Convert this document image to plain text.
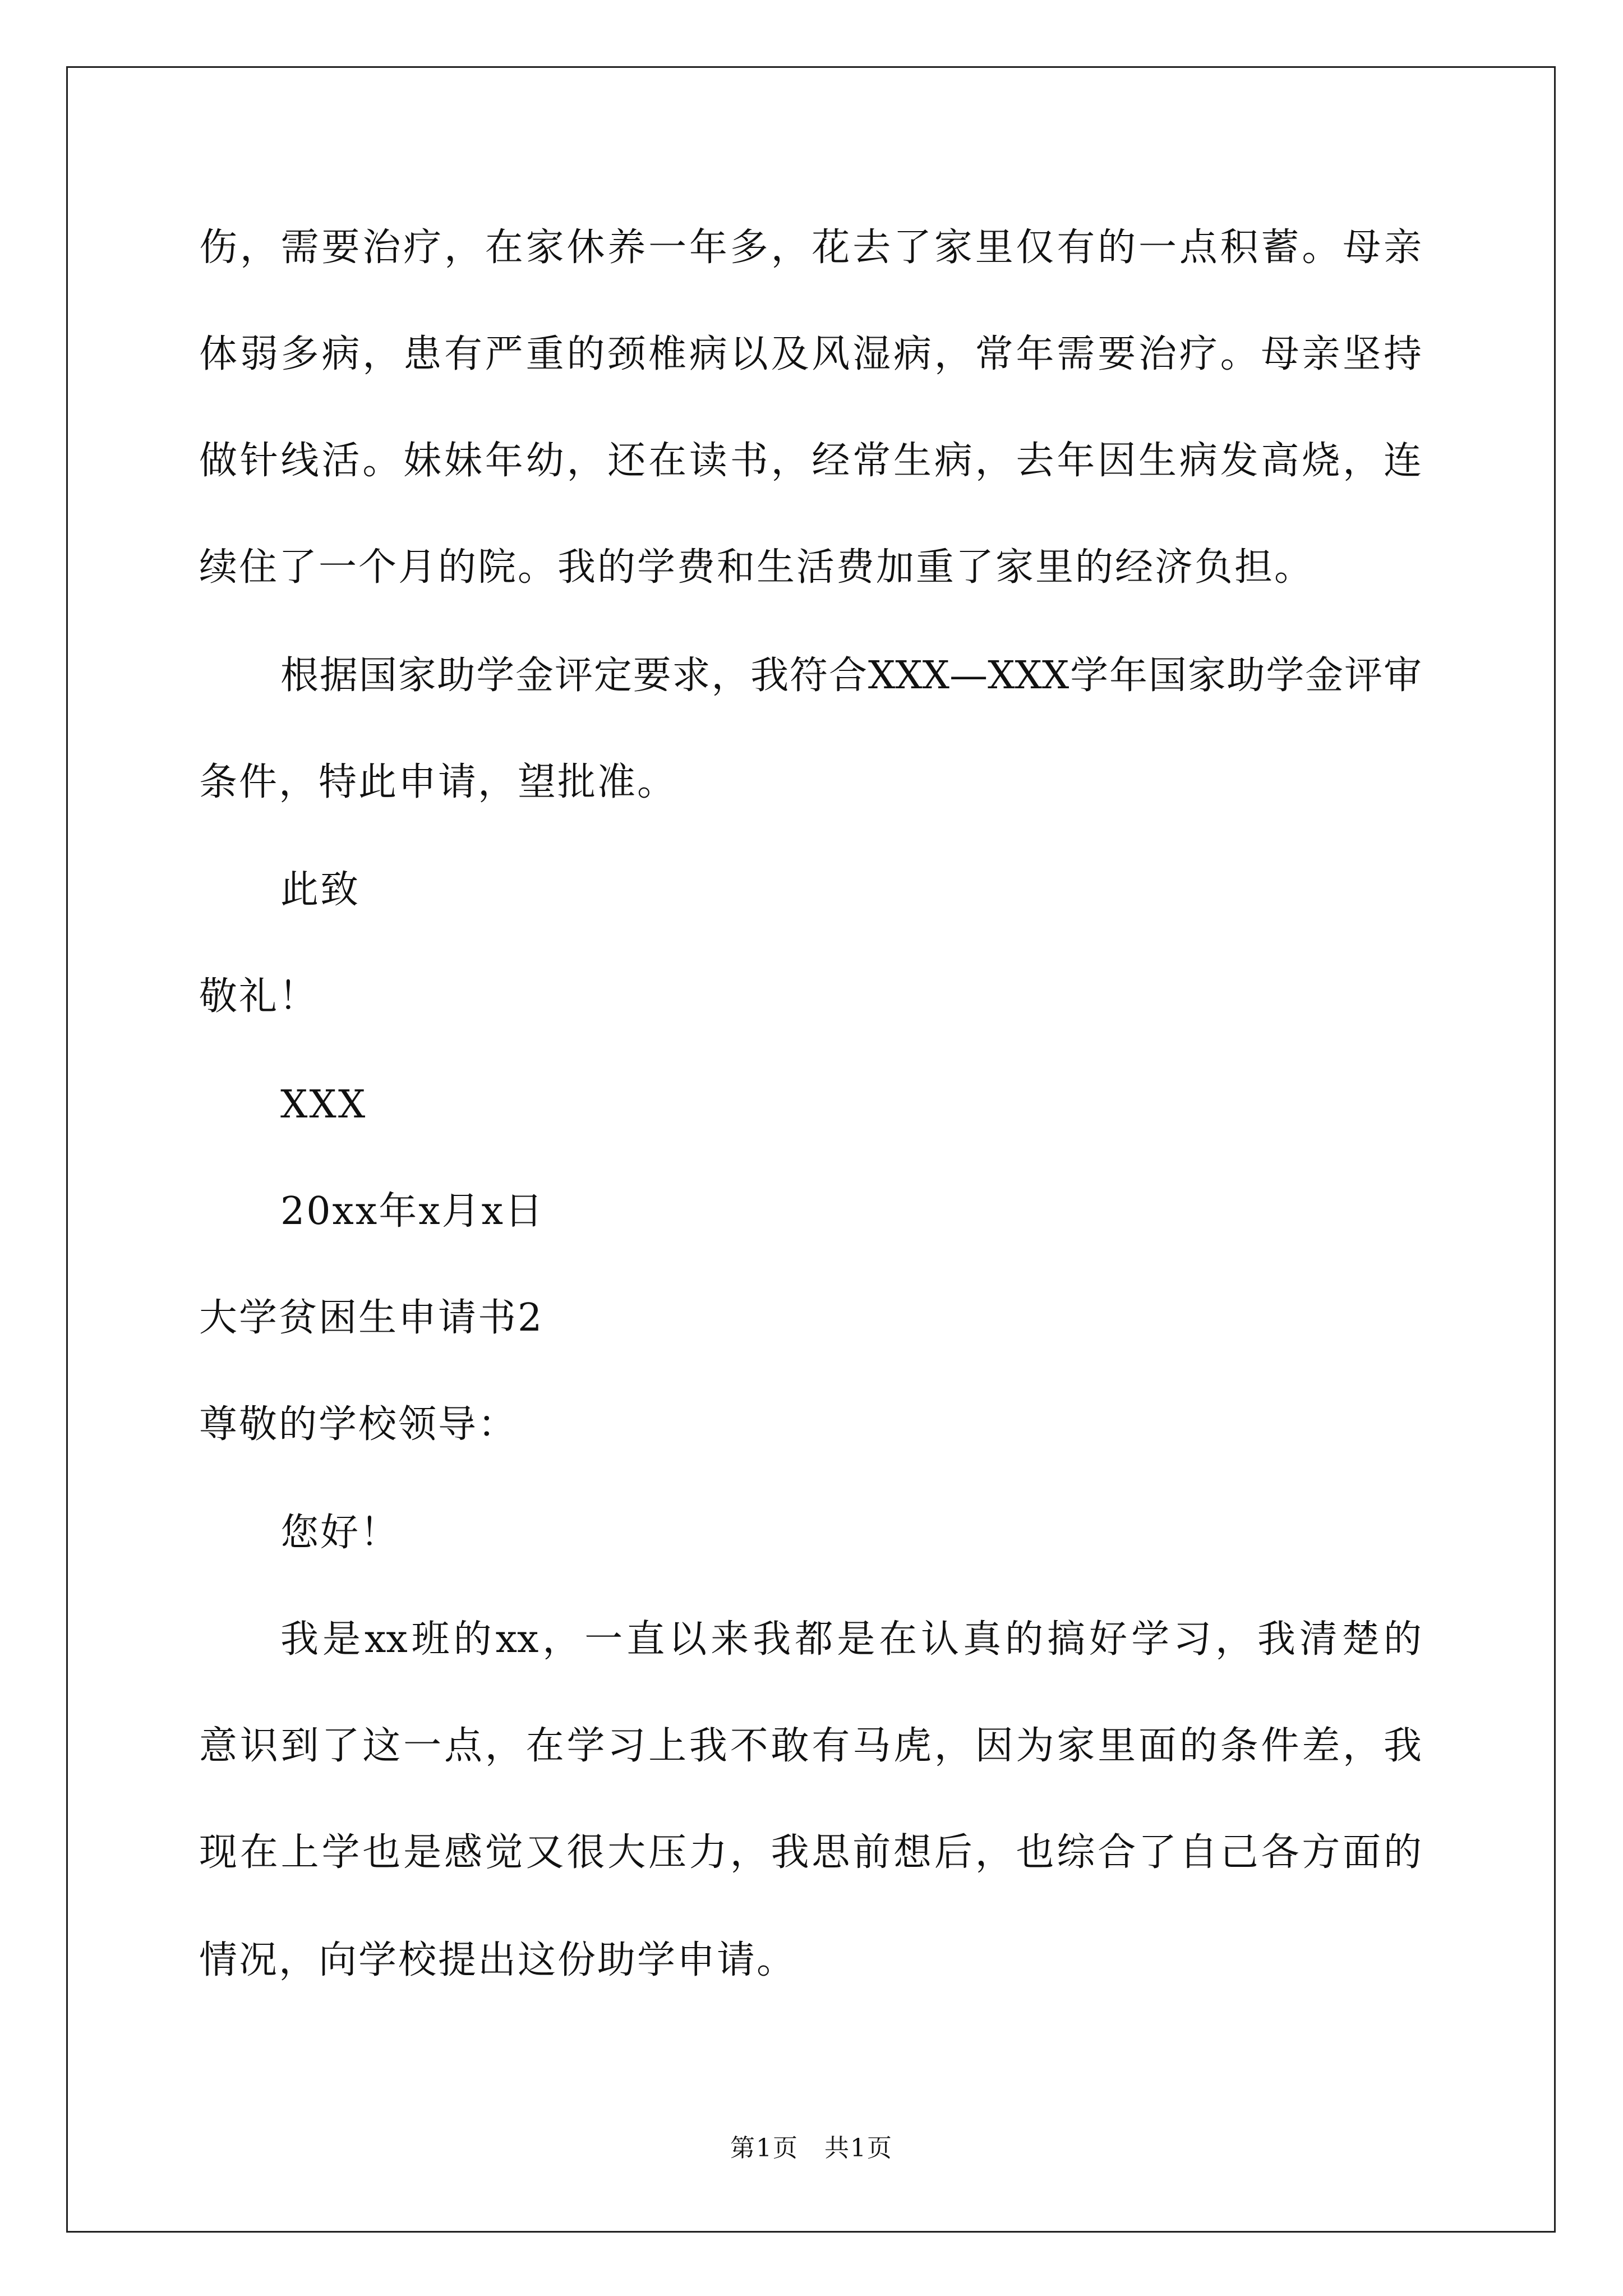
伤，需要治疗，在家休养一年多，花去了家里仅有的一点积蓄。母亲
体弱多病，患有严重的颈椎病以及风湿病，常年需要治疗。母亲坚持
做针线活。妹妹年幼，还在读书，经常生病，去年因生病发高烧，连
续住了一个月的院。我的学费和生活费加重了家里的经济负担。
根据国家助学金评定要求，我符合XXX—XXX学年国家助学金评审
条件，特此申请，望批准。
此致
敬礼！
XXX
20xx年x月x日
大学贫困生申请书2
尊敬的学校领导：
您好！
我是xx班的xx，一直以来我都是在认真的搞好学习，我清楚的
意识到了这一点，在学习上我不敢有马虎，因为家里面的条件差，我
现在上学也是感觉又很大压力，我思前想后，也综合了自己各方面的
情况，向学校提出这份助学申请。
第1页　共1页
